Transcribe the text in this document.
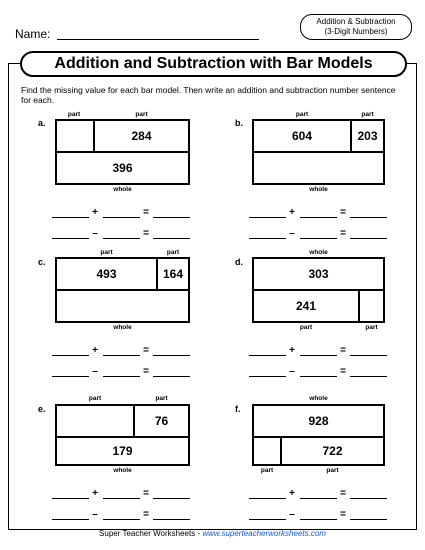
Name:
Addition & Subtraction
(3-Digit Numbers)
Addition and Subtraction with Bar Models
Find the missing value for each bar model. Then write an addition and subtraction number sentence for each.
a.
part	part
284
396
whole
b.
part	part
604	203
whole
c.
part	part
493	164
whole
d.
whole
303
241
part	part
e.
part	part
76
179
whole
f.
whole
928
722
part	part
+	=
–	=
+	=
–	=
+	=
–	=
+	=
–	=
+	=
–	=
+	=
–	=
Super Teacher Worksheets - www.superteacherworksheets.com
